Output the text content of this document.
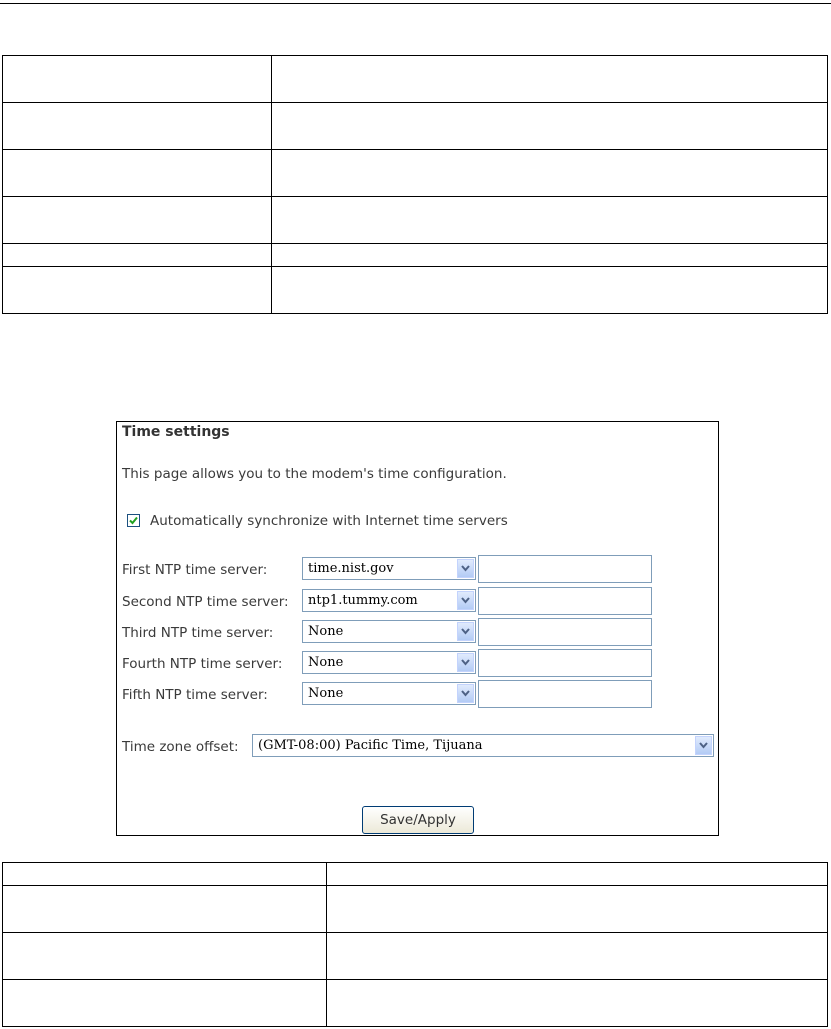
Time settings
This page allows you to the modem's time configuration.
Automatically synchronize with Internet time servers
First NTP time server:	time.nist.gov
Second NTP time server: ntp1.tummy.com
Third NTP time server:	None
Fourth NTP time server: None
Fifth NTP time server:	None
Time zone offset: (GMT-08:00) Pacific Time, Tijuana
Save/Apply
